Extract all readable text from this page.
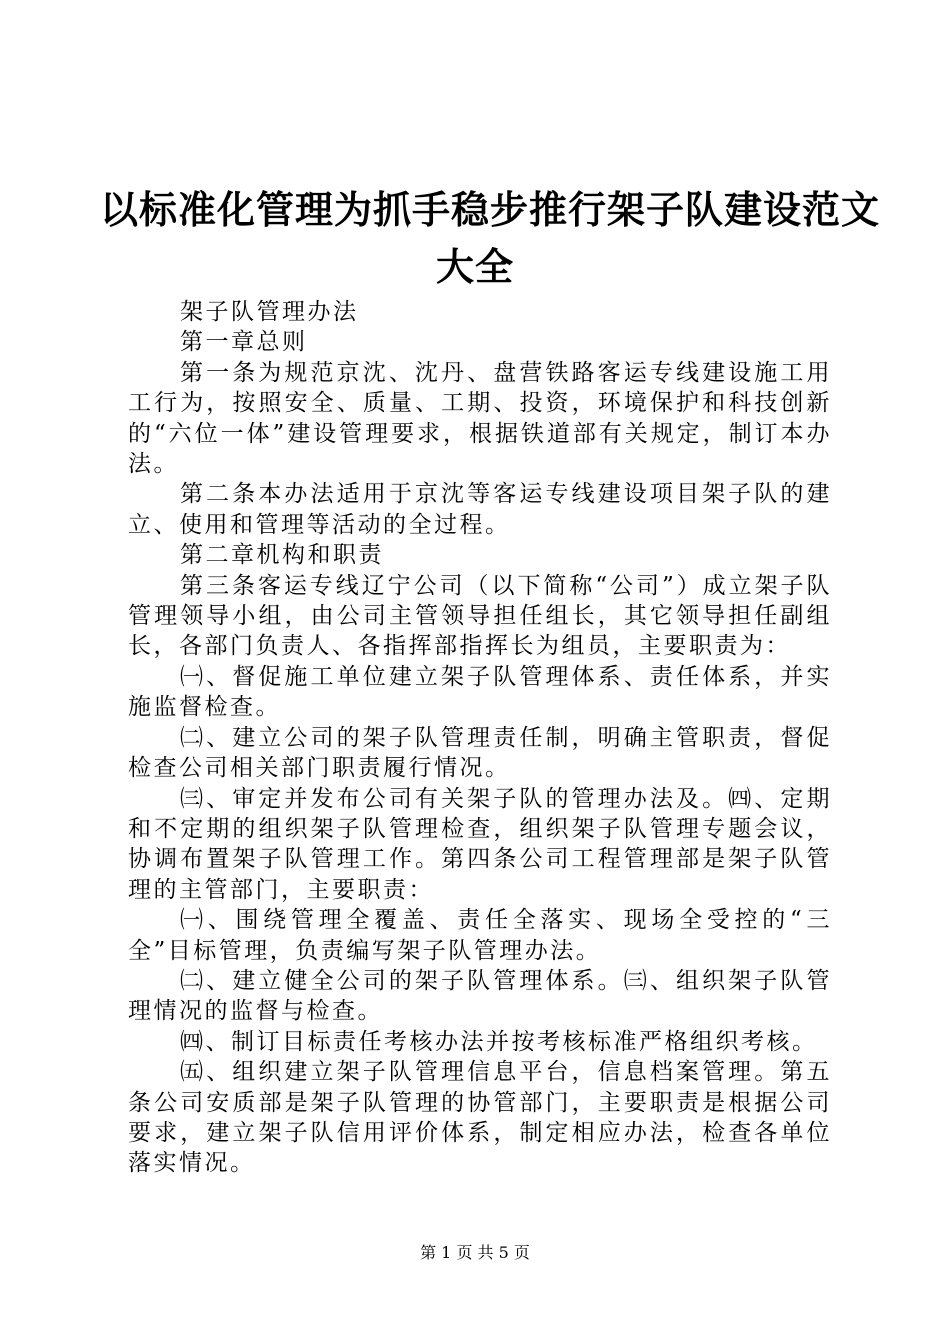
以标准化管理为抓手稳步推行架子队建设范文
大全

架子队管理办法

第一章总则

第一条为规范京沈、沈丹、盘营铁路客运专线建设施工用工行为，按照安全、质量、工期、投资，环境保护和科技创新的“六位一体”建设管理要求，根据铁道部有关规定，制订本办法。

第二条本办法适用于京沈等客运专线建设项目架子队的建立、使用和管理等活动的全过程。

第二章机构和职责

第三条客运专线辽宁公司（以下简称“公司”）成立架子队管理领导小组，由公司主管领导担任组长，其它领导担任副组长，各部门负责人、各指挥部指挥长为组员，主要职责为：

㈠、督促施工单位建立架子队管理体系、责任体系，并实施监督检查。

㈡、建立公司的架子队管理责任制，明确主管职责，督促检查公司相关部门职责履行情况。

㈢、审定并发布公司有关架子队的管理办法及。㈣、定期和不定期的组织架子队管理检查，组织架子队管理专题会议，协调布置架子队管理工作。第四条公司工程管理部是架子队管理的主管部门，主要职责：

㈠、围绕管理全覆盖、责任全落实、现场全受控的“三全”目标管理，负责编写架子队管理办法。

㈡、建立健全公司的架子队管理体系。㈢、组织架子队管理情况的监督与检查。

㈣、制订目标责任考核办法并按考核标准严格组织考核。

㈤、组织建立架子队管理信息平台，信息档案管理。第五条公司安质部是架子队管理的协管部门，主要职责是根据公司要求，建立架子队信用评价体系，制定相应办法，检查各单位落实情况。

第 1 页 共 5 页
